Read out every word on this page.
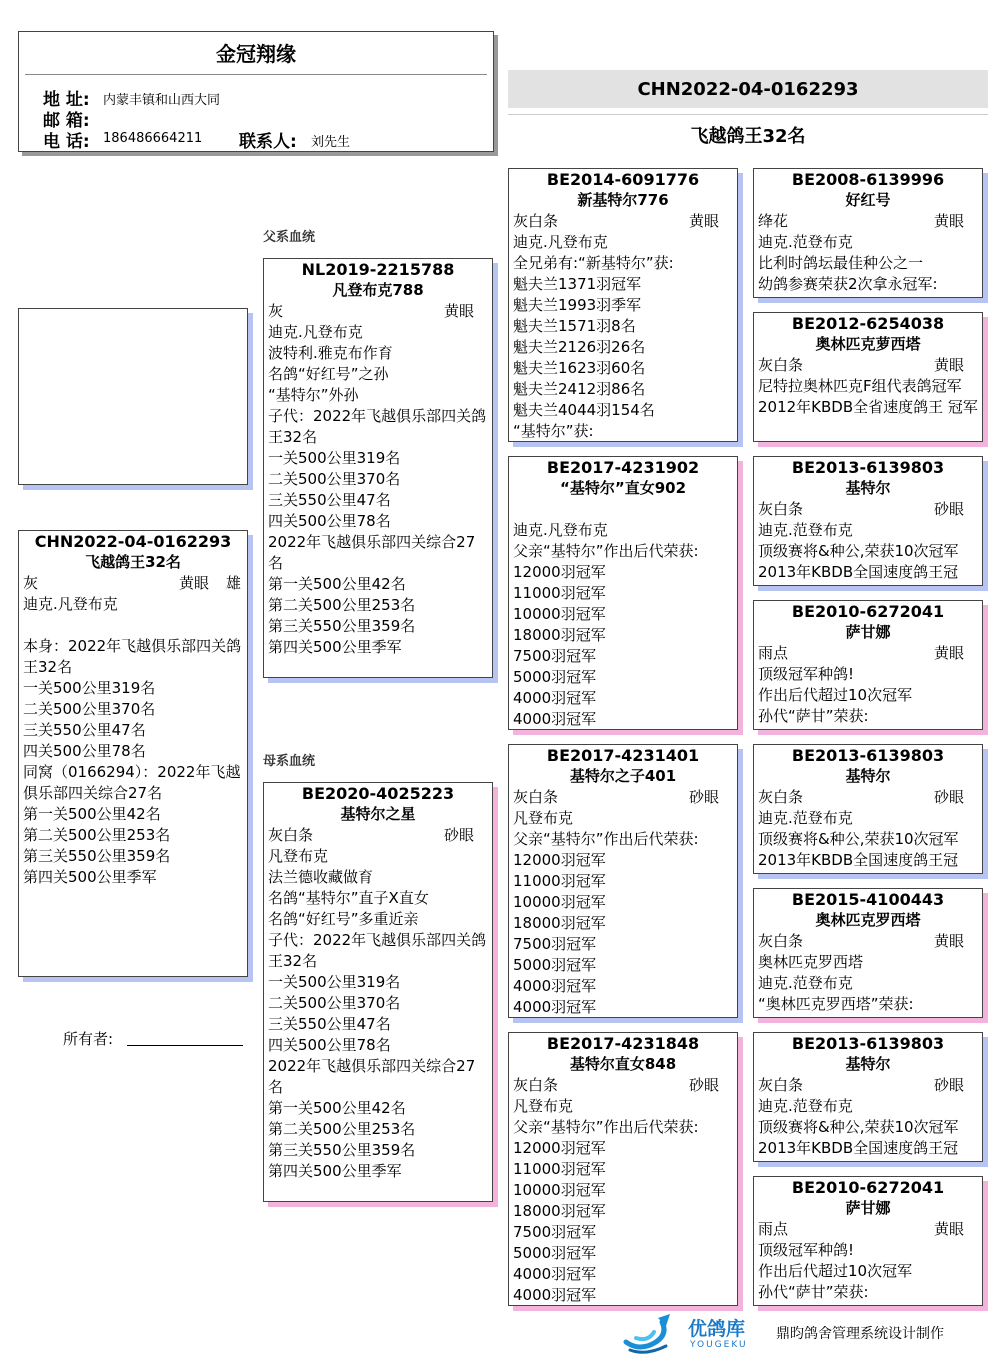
金冠翔缘
地 址: 内蒙丰镇和山西大同
邮 箱:
电 话: 186486664211 联系人: 刘先生
CHN2022-04-0162293
飞越鸽王32名
CHN2022-04-0162293
飞越鸽王32名
灰	黄眼 雄
迪克.凡登布克
本身：2022年飞越俱乐部四关鸽王32名
一关500公里319名
二关500公里370名
三关550公里47名
四关500公里78名
同窝（0166294）：2022年飞越俱乐部四关综合27名
第一关500公里42名
第二关500公里253名
第三关550公里359名
第四关500公里季军
所有者:
父系血统
母系血统
NL2019-2215788
凡登布克788
灰	黄眼
迪克.凡登布克
波特利.雅克布作育
名鸽“好红号”之孙
“基特尔”外孙
子代：2022年飞越俱乐部四关鸽王32名
一关500公里319名
二关500公里370名
三关550公里47名
四关500公里78名
2022年飞越俱乐部四关综合27名
第一关500公里42名
第二关500公里253名
第三关550公里359名
第四关500公里季军
BE2020-4025223
基特尔之星
灰白条	砂眼
凡登布克
法兰德收藏做育
名鸽“基特尔”直子X直女
名鸽“好红号”多重近亲
子代：2022年飞越俱乐部四关鸽王32名
一关500公里319名
二关500公里370名
三关550公里47名
四关500公里78名
2022年飞越俱乐部四关综合27名
第一关500公里42名
第二关500公里253名
第三关550公里359名
第四关500公里季军
BE2014-6091776
新基特尔776
灰白条	黄眼
迪克.凡登布克
全兄弟有:“新基特尔”获:
魁夫兰1371羽冠军
魁夫兰1993羽季军
魁夫兰1571羽8名
魁夫兰2126羽26名
魁夫兰1623羽60名
魁夫兰2412羽86名
魁夫兰4044羽154名
“基特尔”获:
BE2017-4231902
“基特尔”直女902
迪克.凡登布克
父亲“基特尔”作出后代荣获:
12000羽冠军
11000羽冠军
10000羽冠军
18000羽冠军
7500羽冠军
5000羽冠军
4000羽冠军
4000羽冠军
BE2017-4231401
基特尔之子401
灰白条	砂眼
凡登布克
父亲“基特尔”作出后代荣获:
12000羽冠军
11000羽冠军
10000羽冠军
18000羽冠军
7500羽冠军
5000羽冠军
4000羽冠军
4000羽冠军
BE2017-4231848
基特尔直女848
灰白条	砂眼
凡登布克
父亲“基特尔”作出后代荣获:
12000羽冠军
11000羽冠军
10000羽冠军
18000羽冠军
7500羽冠军
5000羽冠军
4000羽冠军
4000羽冠军
BE2008-6139996
好红号
绛花	黄眼
迪克.范登布克
比利时鸽坛最佳种公之一
幼鸽参赛荣获2次拿永冠军:
BE2012-6254038
奥林匹克萝西塔
灰白条	黄眼
尼特拉奥林匹克F组代表鸽冠军
2012年KBDB全省速度鸽王 冠军
BE2013-6139803
基特尔
灰白条	砂眼
迪克.范登布克
顶级赛将&种公,荣获10次冠军
2013年KBDB全国速度鸽王冠
BE2010-6272041
萨甘娜
雨点	黄眼
顶级冠军种鸽!
作出后代超过10次冠军
孙代“萨甘”荣获:
BE2013-6139803
基特尔
灰白条	砂眼
迪克.范登布克
顶级赛将&种公,荣获10次冠军
2013年KBDB全国速度鸽王冠
BE2015-4100443
奥林匹克罗西塔
灰白条	黄眼
奥林匹克罗西塔
迪克.范登布克
“奥林匹克罗西塔”荣获:
BE2013-6139803
基特尔
灰白条	砂眼
迪克.范登布克
顶级赛将&种公,荣获10次冠军
2013年KBDB全国速度鸽王冠
BE2010-6272041
萨甘娜
雨点	黄眼
顶级冠军种鸽!
作出后代超过10次冠军
孙代“萨甘”荣获:
优鸽库
YOUGEKU
鼎昀鸽舍管理系统设计制作
